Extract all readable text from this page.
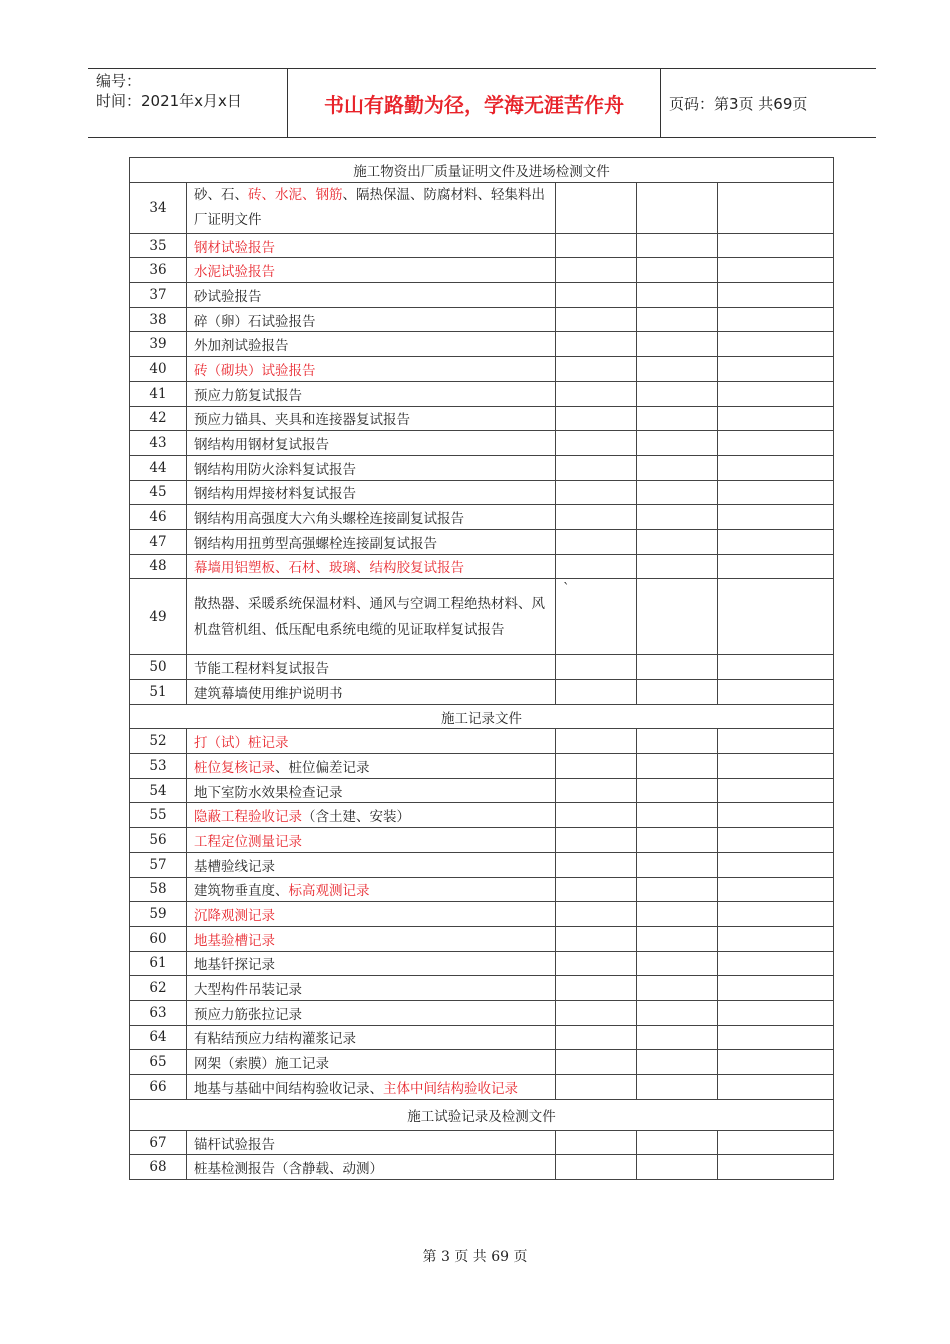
编号：
时间：2021年x月x日	书山有路勤为径，学海无涯苦作舟	页码：第3页 共69页
施工物资出厂质量证明文件及进场检测文件				
34	砂、石、砖、水泥、钢筋、隔热保温、防腐材料、轻集料出厂证明文件			
35	钢材试验报告			
36	水泥试验报告			
37	砂试验报告			
38	碎（卵）石试验报告			
39	外加剂试验报告			
40	砖（砌块）试验报告			
41	预应力筋复试报告			
42	预应力锚具、夹具和连接器复试报告			
43	钢结构用钢材复试报告			
44	钢结构用防火涂料复试报告			
45	钢结构用焊接材料复试报告			
46	钢结构用高强度大六角头螺栓连接副复试报告			
47	钢结构用扭剪型高强螺栓连接副复试报告			
48	幕墙用铝塑板、石材、玻璃、结构胶复试报告			
49	散热器、采暖系统保温材料、通风与空调工程绝热材料、风机盘管机组、低压配电系统电缆的见证取样复试报告	`		
50	节能工程材料复试报告			
51	建筑幕墙使用维护说明书			
施工记录文件				
52	打（试）桩记录			
53	桩位复核记录、桩位偏差记录			
54	地下室防水效果检查记录			
55	隐蔽工程验收记录（含土建、安装）			
56	工程定位测量记录			
57	基槽验线记录			
58	建筑物垂直度、标高观测记录			
59	沉降观测记录			
60	地基验槽记录			
61	地基钎探记录			
62	大型构件吊装记录			
63	预应力筋张拉记录			
64	有粘结预应力结构灌浆记录			
65	网架（索膜）施工记录			
66	地基与基础中间结构验收记录、主体中间结构验收记录			
施工试验记录及检测文件				
67	锚杆试验报告			
68	桩基检测报告（含静载、动测）			
第 3 页 共 69 页
